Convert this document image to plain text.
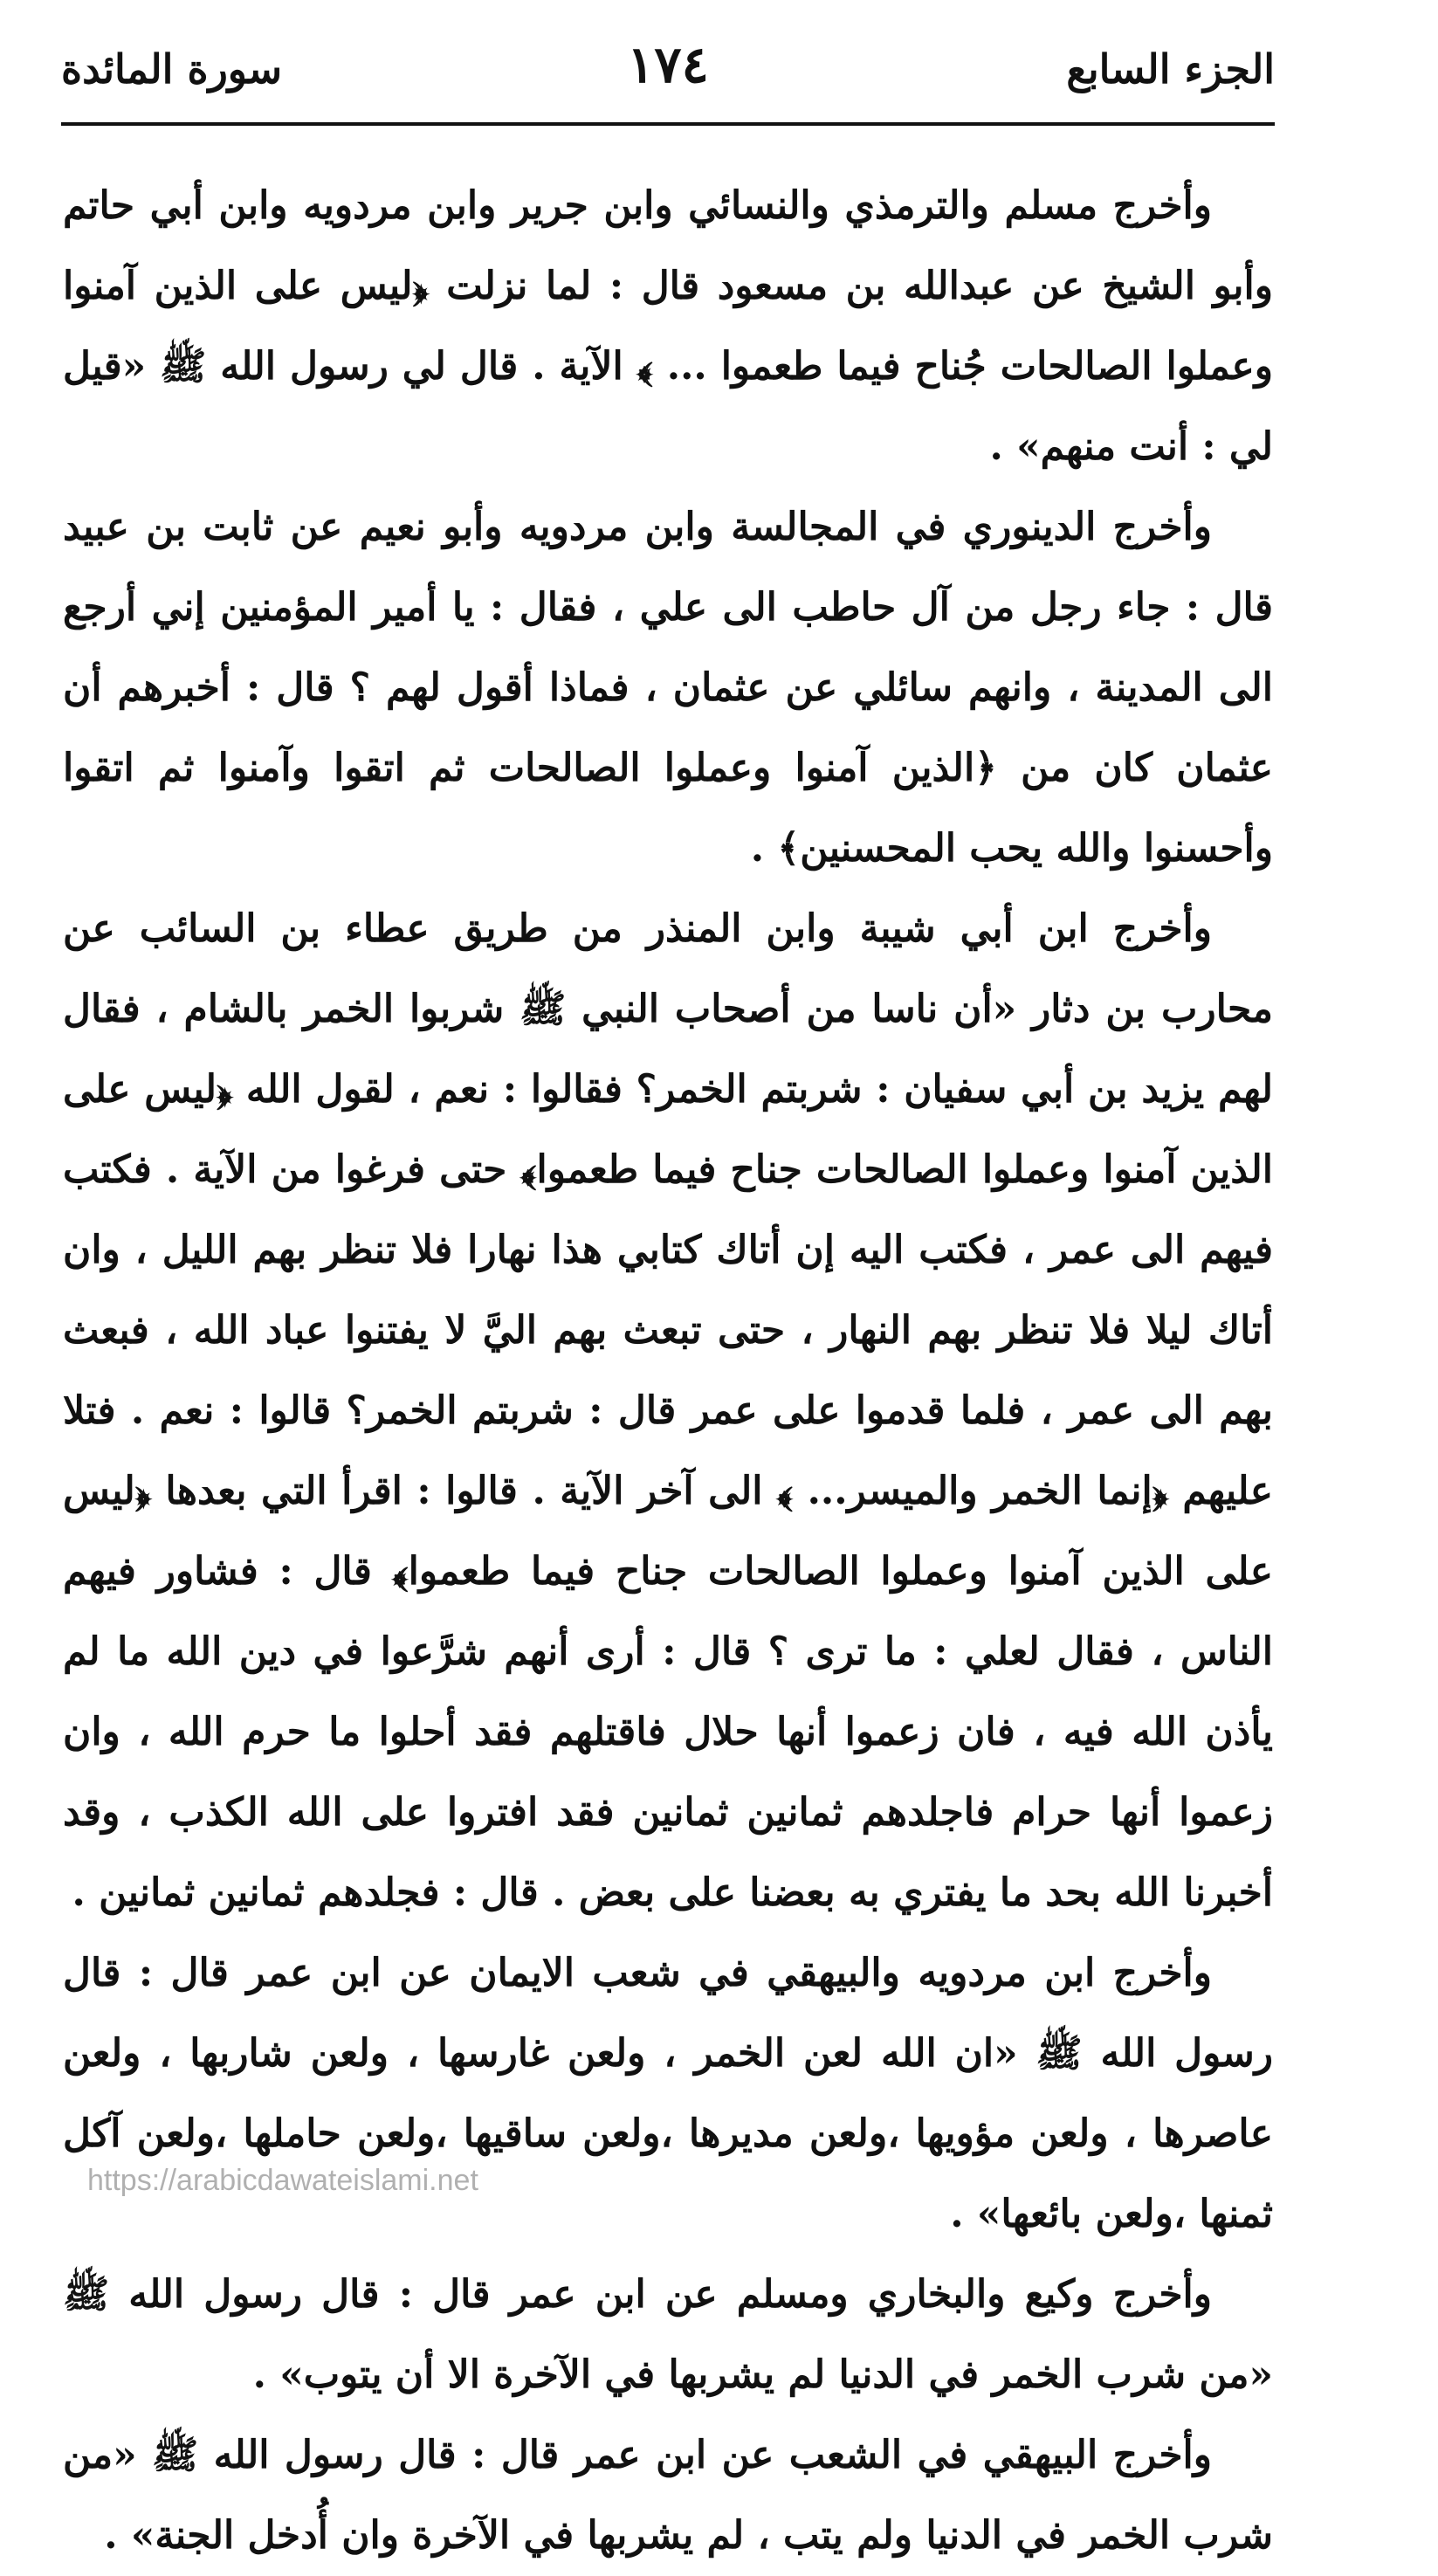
الجزء السابع
١٧٤
سورة المائدة

وأخرج مسلم والترمذي والنسائي وابن جرير وابن مردويه وابن أبي حاتم وأبو الشيخ عن عبدالله بن مسعود قال : لما نزلت ﴿ليس على الذين آمنوا وعملوا الصالحات جُناح فيما طعموا ... ﴾ الآية . قال لي رسول الله ﷺ «قيل لي : أنت منهم» .

وأخرج الدينوري في المجالسة وابن مردويه وأبو نعيم عن ثابت بن عبيد قال : جاء رجل من آل حاطب الى علي ، فقال : يا أمير المؤمنين إني أرجع الى المدينة ، وانهم سائلي عن عثمان ، فماذا أقول لهم ؟ قال : أخبرهم أن عثمان كان من ﴿الذين آمنوا وعملوا الصالحات ثم اتقوا وآمنوا ثم اتقوا وأحسنوا والله يحب المحسنين﴾ .

وأخرج ابن أبي شيبة وابن المنذر من طريق عطاء بن السائب عن محارب بن دثار «أن ناسا من أصحاب النبي ﷺ شربوا الخمر بالشام ، فقال لهم يزيد بن أبي سفيان : شربتم الخمر؟ فقالوا : نعم ، لقول الله ﴿ليس على الذين آمنوا وعملوا الصالحات جناح فيما طعموا﴾ حتى فرغوا من الآية . فكتب فيهم الى عمر ، فكتب اليه إن أتاك كتابي هذا نهارا فلا تنظر بهم الليل ، وان أتاك ليلا فلا تنظر بهم النهار ، حتى تبعث بهم اليَّ لا يفتنوا عباد الله ، فبعث بهم الى عمر ، فلما قدموا على عمر قال : شربتم الخمر؟ قالوا : نعم . فتلا عليهم ﴿إنما الخمر والميسر... ﴾ الى آخر الآية . قالوا : اقرأ التي بعدها ﴿ليس على الذين آمنوا وعملوا الصالحات جناح فيما طعموا﴾ قال : فشاور فيهم الناس ، فقال لعلي : ما ترى ؟ قال : أرى أنهم شرَّعوا في دين الله ما لم يأذن الله فيه ، فان زعموا أنها حلال فاقتلهم فقد أحلوا ما حرم الله ، وان زعموا أنها حرام فاجلدهم ثمانين ثمانين فقد افتروا على الله الكذب ، وقد أخبرنا الله بحد ما يفتري به بعضنا على بعض . قال : فجلدهم ثمانين ثمانين .

وأخرج ابن مردويه والبيهقي في شعب الايمان عن ابن عمر قال : قال رسول الله ﷺ «ان الله لعن الخمر ، ولعن غارسها ، ولعن شاربها ، ولعن عاصرها ، ولعن مؤويها ،ولعن مديرها ،ولعن ساقيها ،ولعن حاملها ،ولعن آكل ثمنها ،ولعن بائعها» .

وأخرج وكيع والبخاري ومسلم عن ابن عمر قال : قال رسول الله ﷺ «من شرب الخمر في الدنيا لم يشربها في الآخرة الا أن يتوب» .

وأخرج البيهقي في الشعب عن ابن عمر قال : قال رسول الله ﷺ «من شرب الخمر في الدنيا ولم يتب ، لم يشربها في الآخرة وان أُدخل الجنة» .

https://arabicdawateislami.net
